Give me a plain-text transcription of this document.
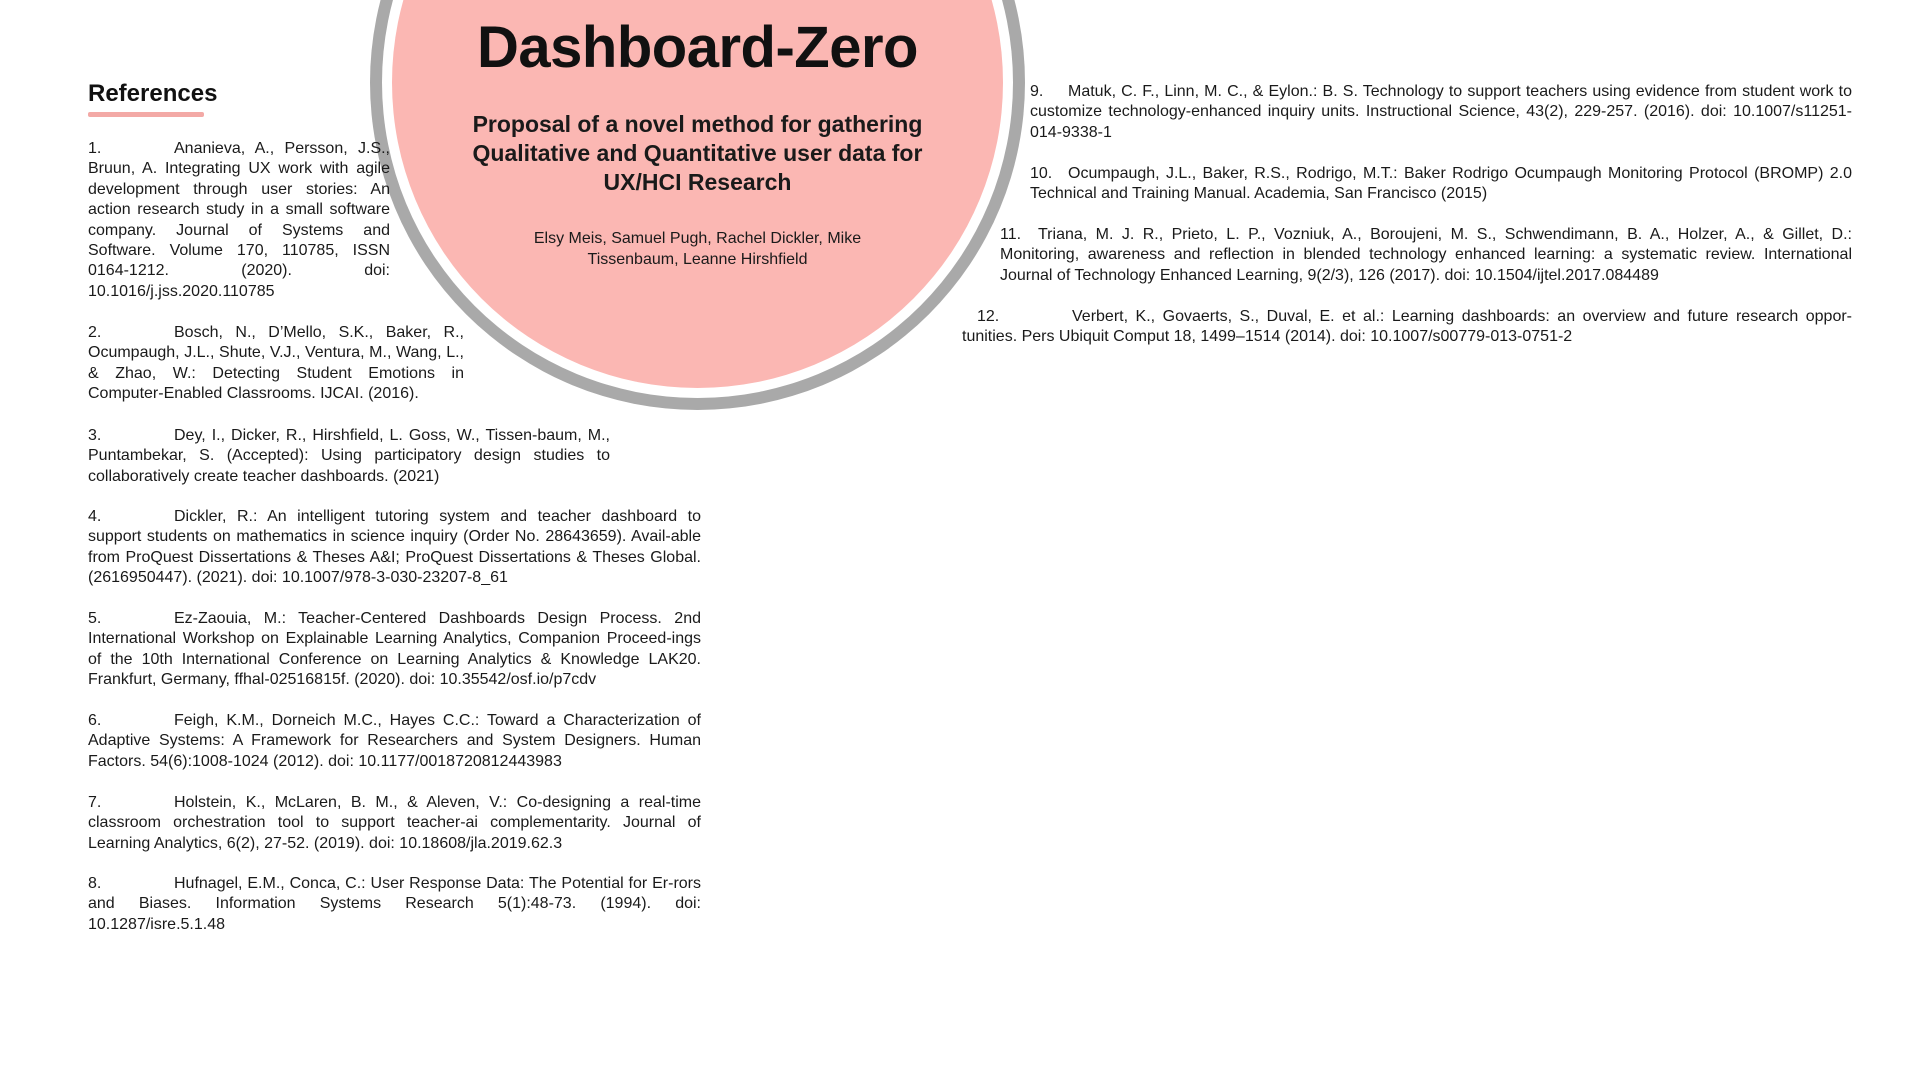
Dashboard-Zero

Proposal of a novel method for gathering Qualitative and Quantitative user data for UX/HCI Research

Elsy Meis, Samuel Pugh, Rachel Dickler, Mike Tissenbaum, Leanne Hirshfield

References

1.	Ananieva, A., Persson, J.S., Bruun, A. Integrating UX work with agile development through user stories: An action research study in a small software company. Journal of Systems and Software. Volume 170, 110785, ISSN 0164-1212. (2020). doi: 10.1016/j.jss.2020.110785

2.	Bosch, N., D’Mello, S.K., Baker, R., Ocumpaugh, J.L., Shute, V.J., Ventura, M., Wang, L., & Zhao, W.: Detecting Student Emotions in Computer-Enabled Classrooms. IJCAI. (2016).

3.	Dey, I., Dicker, R., Hirshfield, L. Goss, W., Tissen-baum, M., Puntambekar, S. (Accepted): Using participatory design studies to collaboratively create teacher dashboards. (2021)

4.	Dickler, R.: An intelligent tutoring system and teacher dashboard to support students on mathematics in science inquiry (Order No. 28643659). Avail-able from ProQuest Dissertations & Theses A&I; ProQuest Dissertations & Theses Global. (2616950447). (2021). doi: 10.1007/978-3-030-23207-8_61

5.	Ez-Zaouia, M.: Teacher-Centered Dashboards Design Process. 2nd International Workshop on Explainable Learning Analytics, Companion Proceed-ings of the 10th International Conference on Learning Analytics & Knowledge LAK20. Frankfurt, Germany, ffhal-02516815f. (2020). doi: 10.35542/osf.io/p7cdv

6.	Feigh, K.M., Dorneich M.C., Hayes C.C.: Toward a Characterization of Adaptive Systems: A Framework for Researchers and System Designers. Human Factors. 54(6):1008-1024 (2012). doi: 10.1177/0018720812443983

7.	Holstein, K., McLaren, B. M., & Aleven, V.: Co-designing a real-time classroom orchestration tool to support teacher-ai complementarity. Journal of Learning Analytics, 6(2), 27-52. (2019). doi: 10.18608/jla.2019.62.3

8.	Hufnagel, E.M., Conca, C.: User Response Data: The Potential for Er-rors and Biases. Information Systems Research 5(1):48-73. (1994). doi: 10.1287/isre.5.1.48

9. Matuk, C. F., Linn, M. C., & Eylon.: B. S. Technology to support teachers using evidence from student work to customize technology-enhanced inquiry units. Instructional Science, 43(2), 229-257. (2016). doi: 10.1007/s11251-014-9338-1

10. Ocumpaugh, J.L., Baker, R.S., Rodrigo, M.T.: Baker Rodrigo Ocumpaugh Monitoring Protocol (BROMP) 2.0 Technical and Training Manual. Academia, San Francisco (2015)

11. Triana, M. J. R., Prieto, L. P., Vozniuk, A., Boroujeni, M. S., Schwendimann, B. A., Holzer, A., & Gillet, D.: Monitoring, awareness and reflection in blended technology enhanced learning: a systematic review. International Journal of Technology Enhanced Learning, 9(2/3), 126 (2017). doi: 10.1504/ijtel.2017.084489

12.	Verbert, K., Govaerts, S., Duval, E. et al.: Learning dashboards: an overview and future research oppor-tunities. Pers Ubiquit Comput 18, 1499–1514 (2014). doi: 10.1007/s00779-013-0751-2
